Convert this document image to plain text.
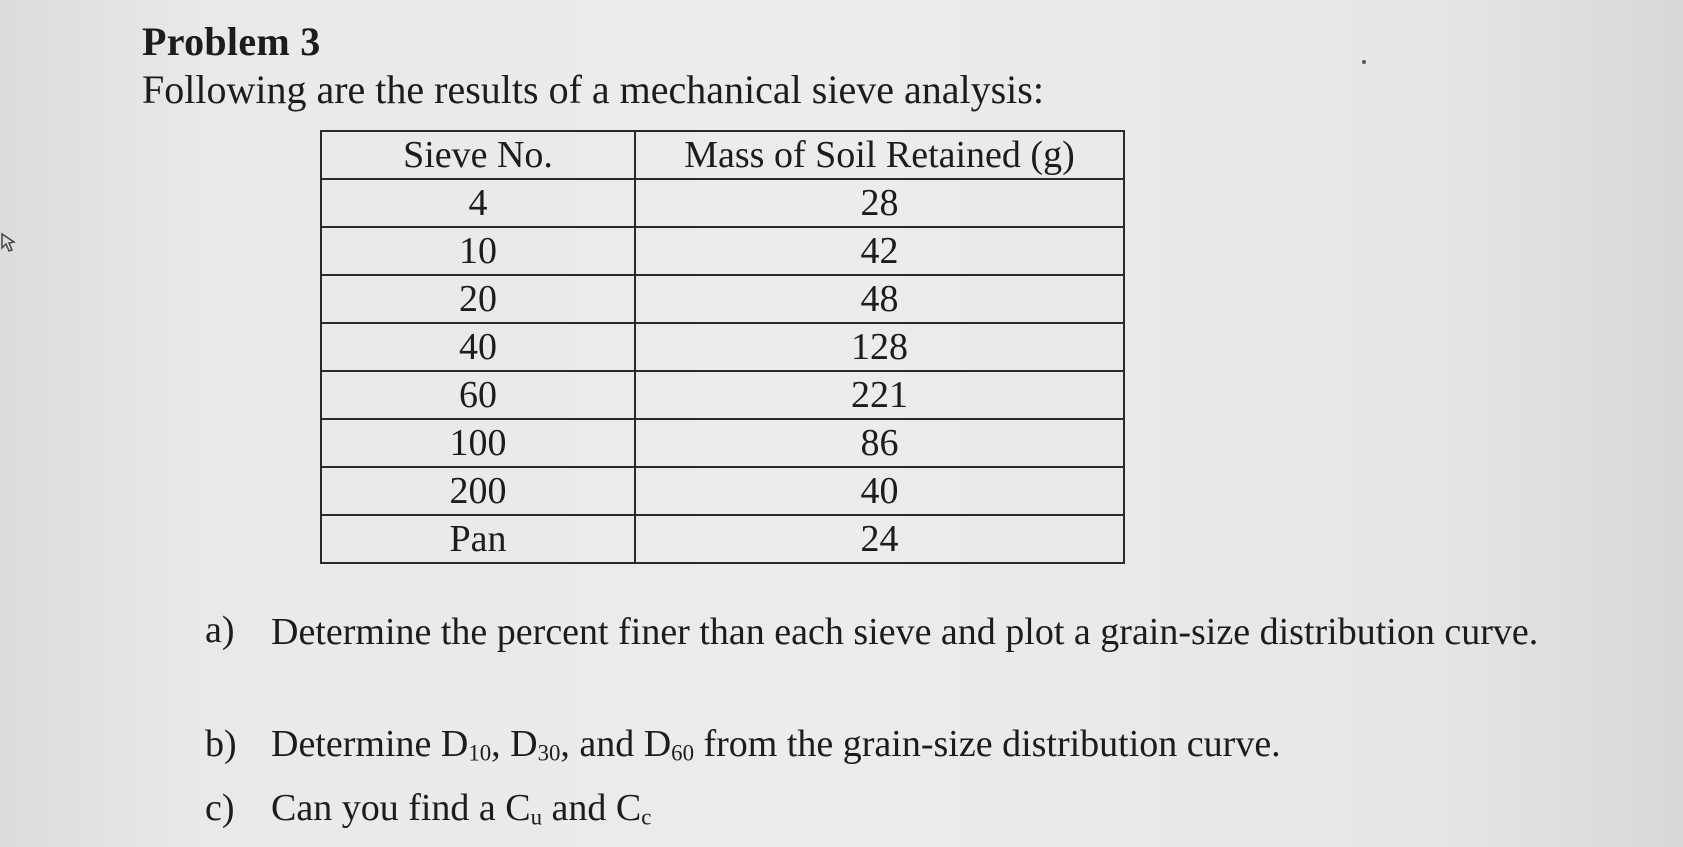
Problem 3
Following are the results of a mechanical sieve analysis:
Sieve No.	Mass of Soil Retained (g)
4	28
10	42
20	48
40	128
60	221
100	86
200	40
Pan	24
a) Determine the percent finer than each sieve and plot a grain-size distribution curve.
b) Determine $D_{10}$, $D_{30}$, and $D_{60}$ from the grain-size distribution curve.
c) Can you find a $C_u$ and $C_c$
